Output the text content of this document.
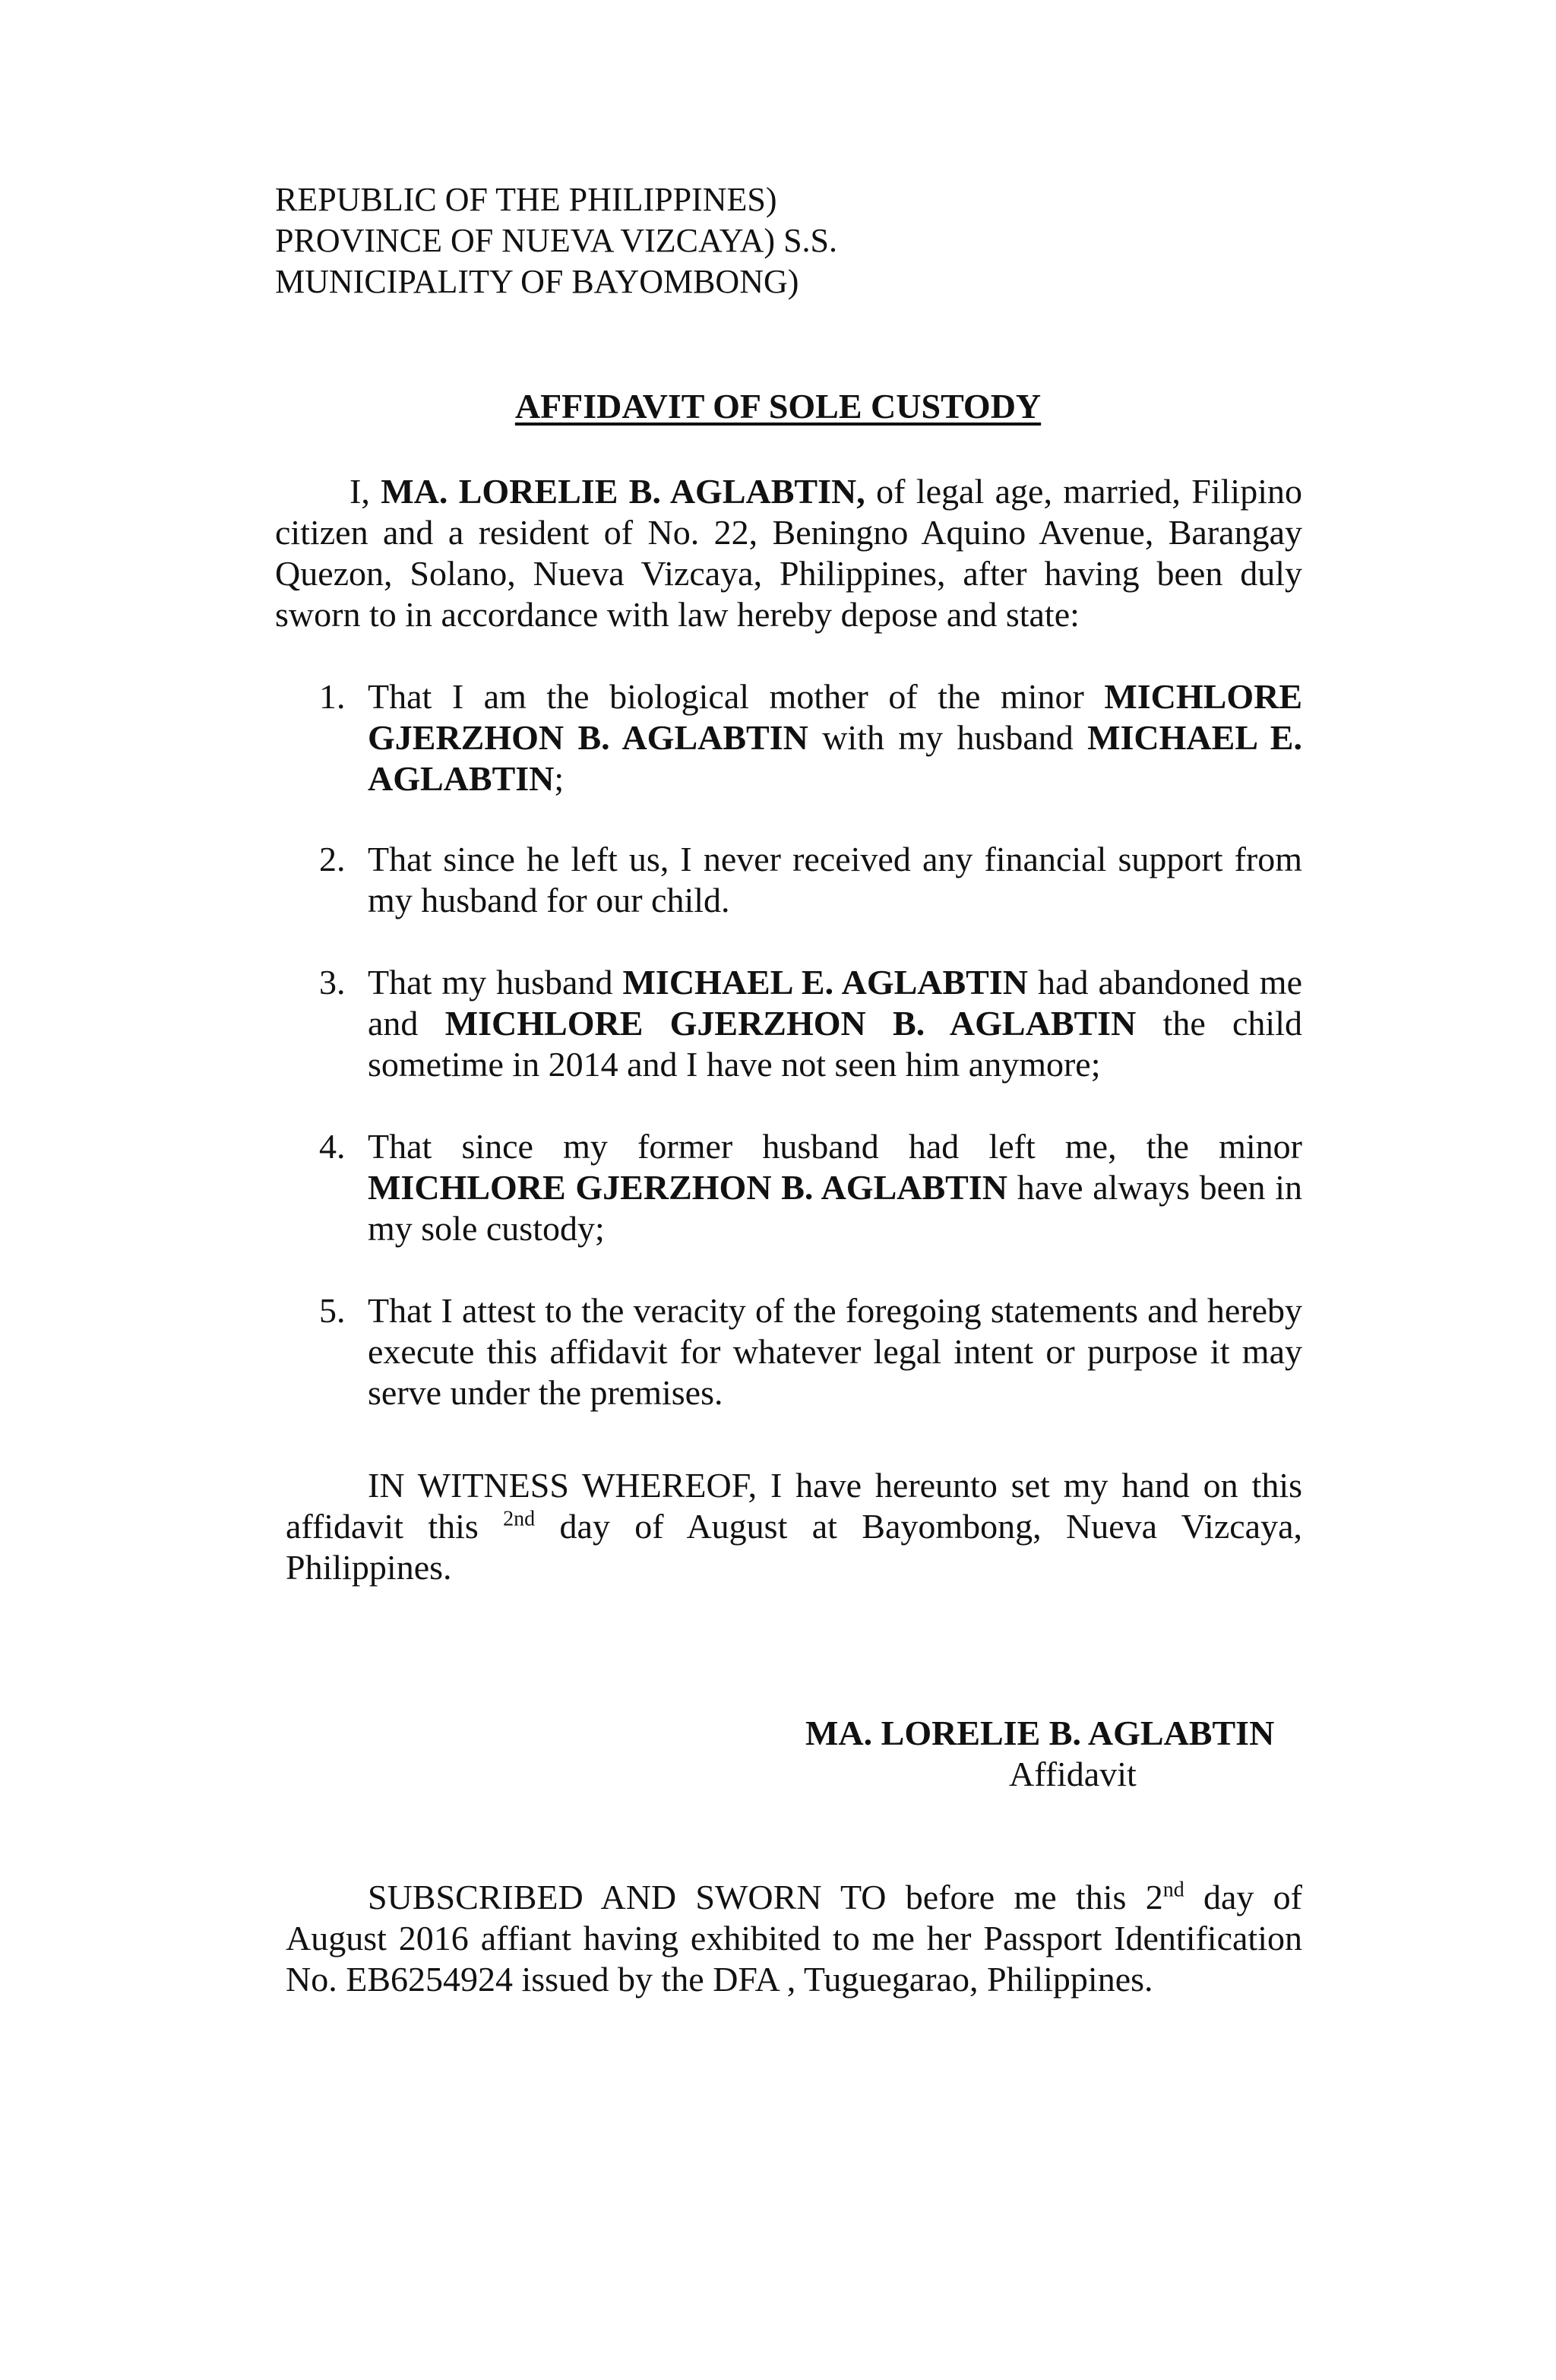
REPUBLIC OF THE PHILIPPINES)
PROVINCE OF NUEVA VIZCAYA) S.S.
MUNICIPALITY OF BAYOMBONG)
AFFIDAVIT OF SOLE CUSTODY
I, MA. LORELIE B. AGLABTIN, of legal age, married, Filipino citizen and a resident of No. 22, Beningno Aquino Avenue, Barangay Quezon, Solano, Nueva Vizcaya, Philippines, after having been duly sworn to in accordance with law hereby depose and state:
1. That I am the biological mother of the minor MICHLORE GJERZHON B. AGLABTIN with my husband MICHAEL E. AGLABTIN;
2. That since he left us, I never received any financial support from my husband for our child.
3. That my husband MICHAEL E. AGLABTIN had abandoned me and MICHLORE GJERZHON B. AGLABTIN the child sometime in 2014 and I have not seen him anymore;
4. That since my former husband had left me, the minor MICHLORE GJERZHON B. AGLABTIN have always been in my sole custody;
5. That I attest to the veracity of the foregoing statements and hereby execute this affidavit for whatever legal intent or purpose it may serve under the premises.
IN WITNESS WHEREOF, I have hereunto set my hand on this affidavit this $^{2nd}$ day of August at Bayombong, Nueva Vizcaya, Philippines.
MA. LORELIE B. AGLABTIN
Affidavit
SUBSCRIBED AND SWORN TO before me this 2nd day of August 2016 affiant having exhibited to me her Passport Identification No. EB6254924 issued by the DFA , Tuguegarao, Philippines.
